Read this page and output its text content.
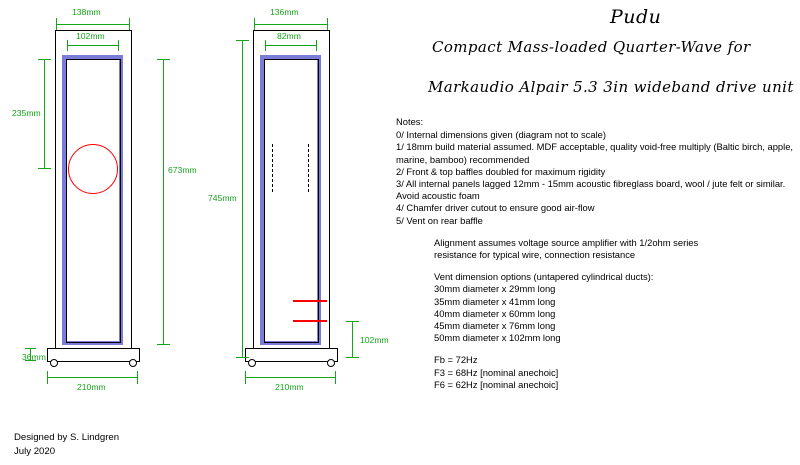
Pudu
Compact Mass-loaded Quarter-Wave for
Markaudio Alpair 5.3 3in wideband drive unit

Notes:

0/ Internal dimensions given (diagram not to scale)

1/ 18mm build material assumed. MDF acceptable, quality void-free multiply (Baltic birch, apple, marine, bamboo) recommended

2/ Front & top baffles doubled for maximum rigidity

3/ All internal panels lagged 12mm - 15mm acoustic fibreglass board, wool / jute felt or similar. Avoid acoustic foam

4/ Chamfer driver cutout to ensure good air-flow

5/ Vent on rear baffle

Alignment assumes voltage source amplifier with 1/2ohm series

resistance for typical wire, connection resistance

Vent dimension options (untapered cylindrical ducts):

30mm diameter x 29mm long

35mm diameter x 41mm long

40mm diameter x 60mm long

45mm diameter x 76mm long

50mm diameter x 102mm long

Fb = 72Hz

F3 = 68Hz [nominal anechoic]

F6 = 62Hz [nominal anechoic]

138mm
102mm
235mm
673mm
36mm
210mm
136mm
82mm
745mm
102mm
210mm
Designed by S. Lindgren
July 2020
